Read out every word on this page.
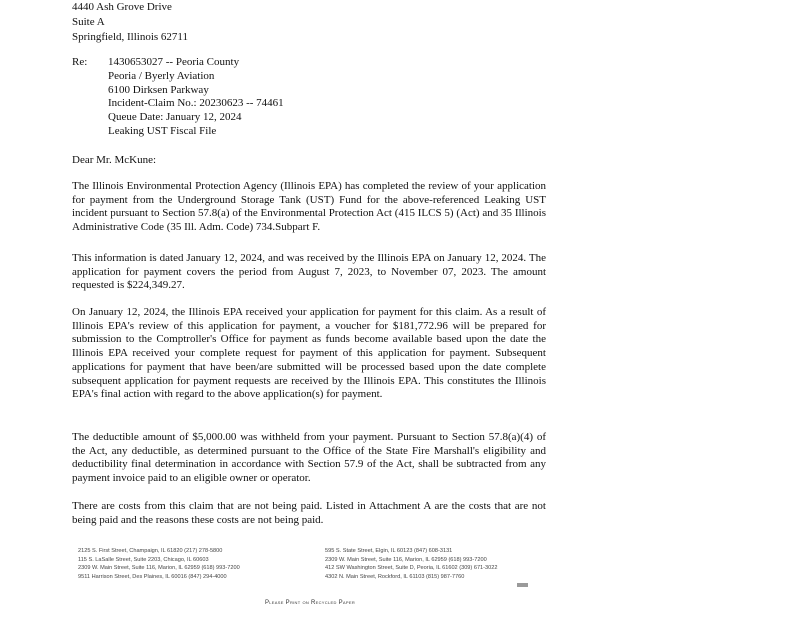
4440 Ash Grove Drive
Suite A
Springfield, Illinois 62711
Re: 1430653027 -- Peoria County
Peoria / Byerly Aviation
6100 Dirksen Parkway
Incident-Claim No.: 20230623 -- 74461
Queue Date: January 12, 2024
Leaking UST Fiscal File
Dear Mr. McKune:
The Illinois Environmental Protection Agency (Illinois EPA) has completed the review of your application for payment from the Underground Storage Tank (UST) Fund for the above-referenced Leaking UST incident pursuant to Section 57.8(a) of the Environmental Protection Act (415 ILCS 5) (Act) and 35 Illinois Administrative Code (35 Ill. Adm. Code) 734.Subpart F.
This information is dated January 12, 2024, and was received by the Illinois EPA on January 12, 2024. The application for payment covers the period from August 7, 2023, to November 07, 2023. The amount requested is $224,349.27.
On January 12, 2024, the Illinois EPA received your application for payment for this claim. As a result of Illinois EPA's review of this application for payment, a voucher for $181,772.96 will be prepared for submission to the Comptroller's Office for payment as funds become available based upon the date the Illinois EPA received your complete request for payment of this application for payment. Subsequent applications for payment that have been/are submitted will be processed based upon the date complete subsequent application for payment requests are received by the Illinois EPA. This constitutes the Illinois EPA's final action with regard to the above application(s) for payment.
The deductible amount of $5,000.00 was withheld from your payment. Pursuant to Section 57.8(a)(4) of the Act, any deductible, as determined pursuant to the Office of the State Fire Marshall's eligibility and deductibility final determination in accordance with Section 57.9 of the Act, shall be subtracted from any payment invoice paid to an eligible owner or operator.
There are costs from this claim that are not being paid. Listed in Attachment A are the costs that are not being paid and the reasons these costs are not being paid.
2125 S. First Street, Champaign, IL 61820 (217) 278-5800
115 S. LaSalle Street, Suite 2203, Chicago, IL 60603
2309 W. Main Street, Suite 116, Marion, IL 62959 (618) 993-7200
9511 Harrison Street, Des Plaines, IL 60016 (847) 294-4000
595 S. State Street, Elgin, IL 60123 (847) 608-3131
2309 W. Main Street, Suite 116, Marion, IL 62959 (618) 993-7200
412 SW Washington Street, Suite D, Peoria, IL 61602 (309) 671-3022
4302 N. Main Street, Rockford, IL 61103 (815) 987-7760
Please Print on Recycled Paper
